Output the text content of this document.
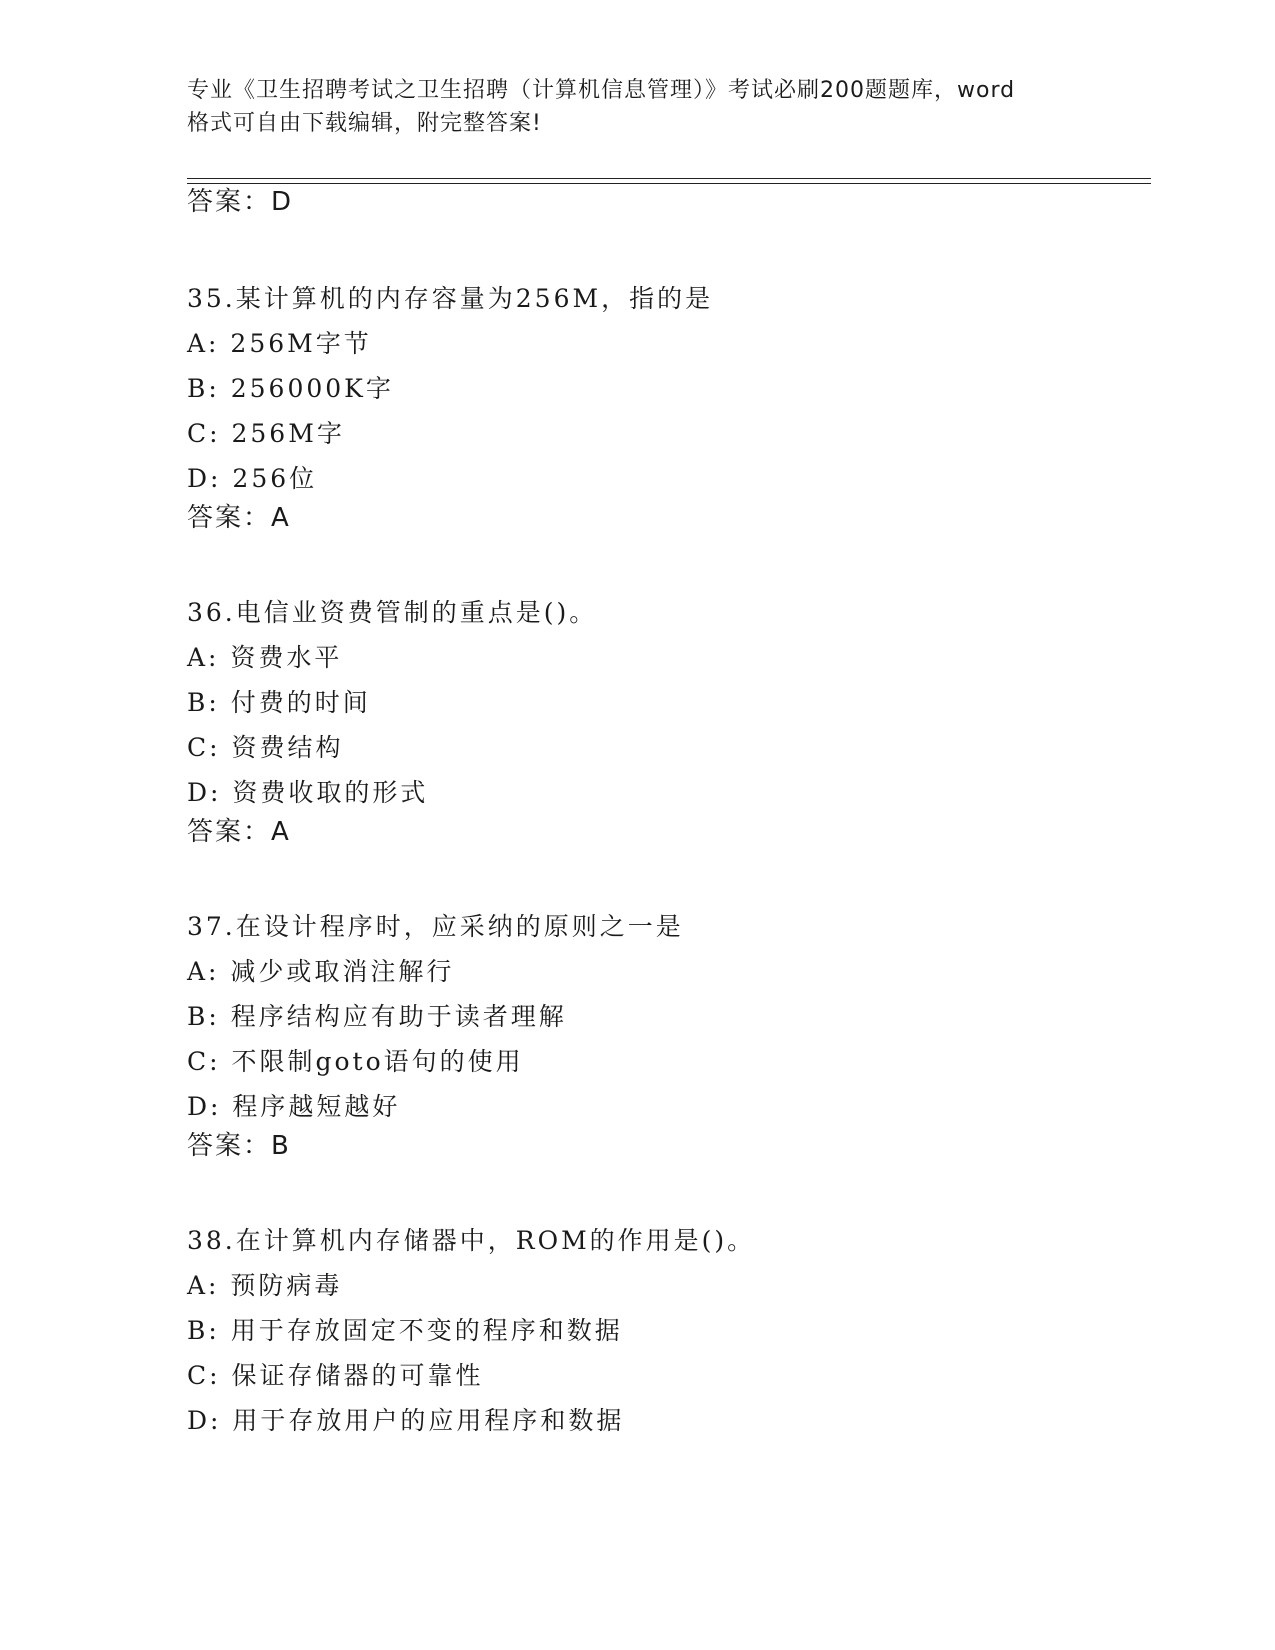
专业《卫生招聘考试之卫生招聘（计算机信息管理）》考试必刷200题题库，word
格式可自由下载编辑，附完整答案!
答案：D
35.某计算机的内存容量为256M，指的是
A: 256M字节
B: 256000K字
C: 256M字
D: 256位
答案：A
36.电信业资费管制的重点是()。
A: 资费水平
B: 付费的时间
C: 资费结构
D: 资费收取的形式
答案：A
37.在设计程序时，应采纳的原则之一是
A: 减少或取消注解行
B: 程序结构应有助于读者理解
C: 不限制goto语句的使用
D: 程序越短越好
答案：B
38.在计算机内存储器中，ROM的作用是()。
A: 预防病毒
B: 用于存放固定不变的程序和数据
C: 保证存储器的可靠性
D: 用于存放用户的应用程序和数据
